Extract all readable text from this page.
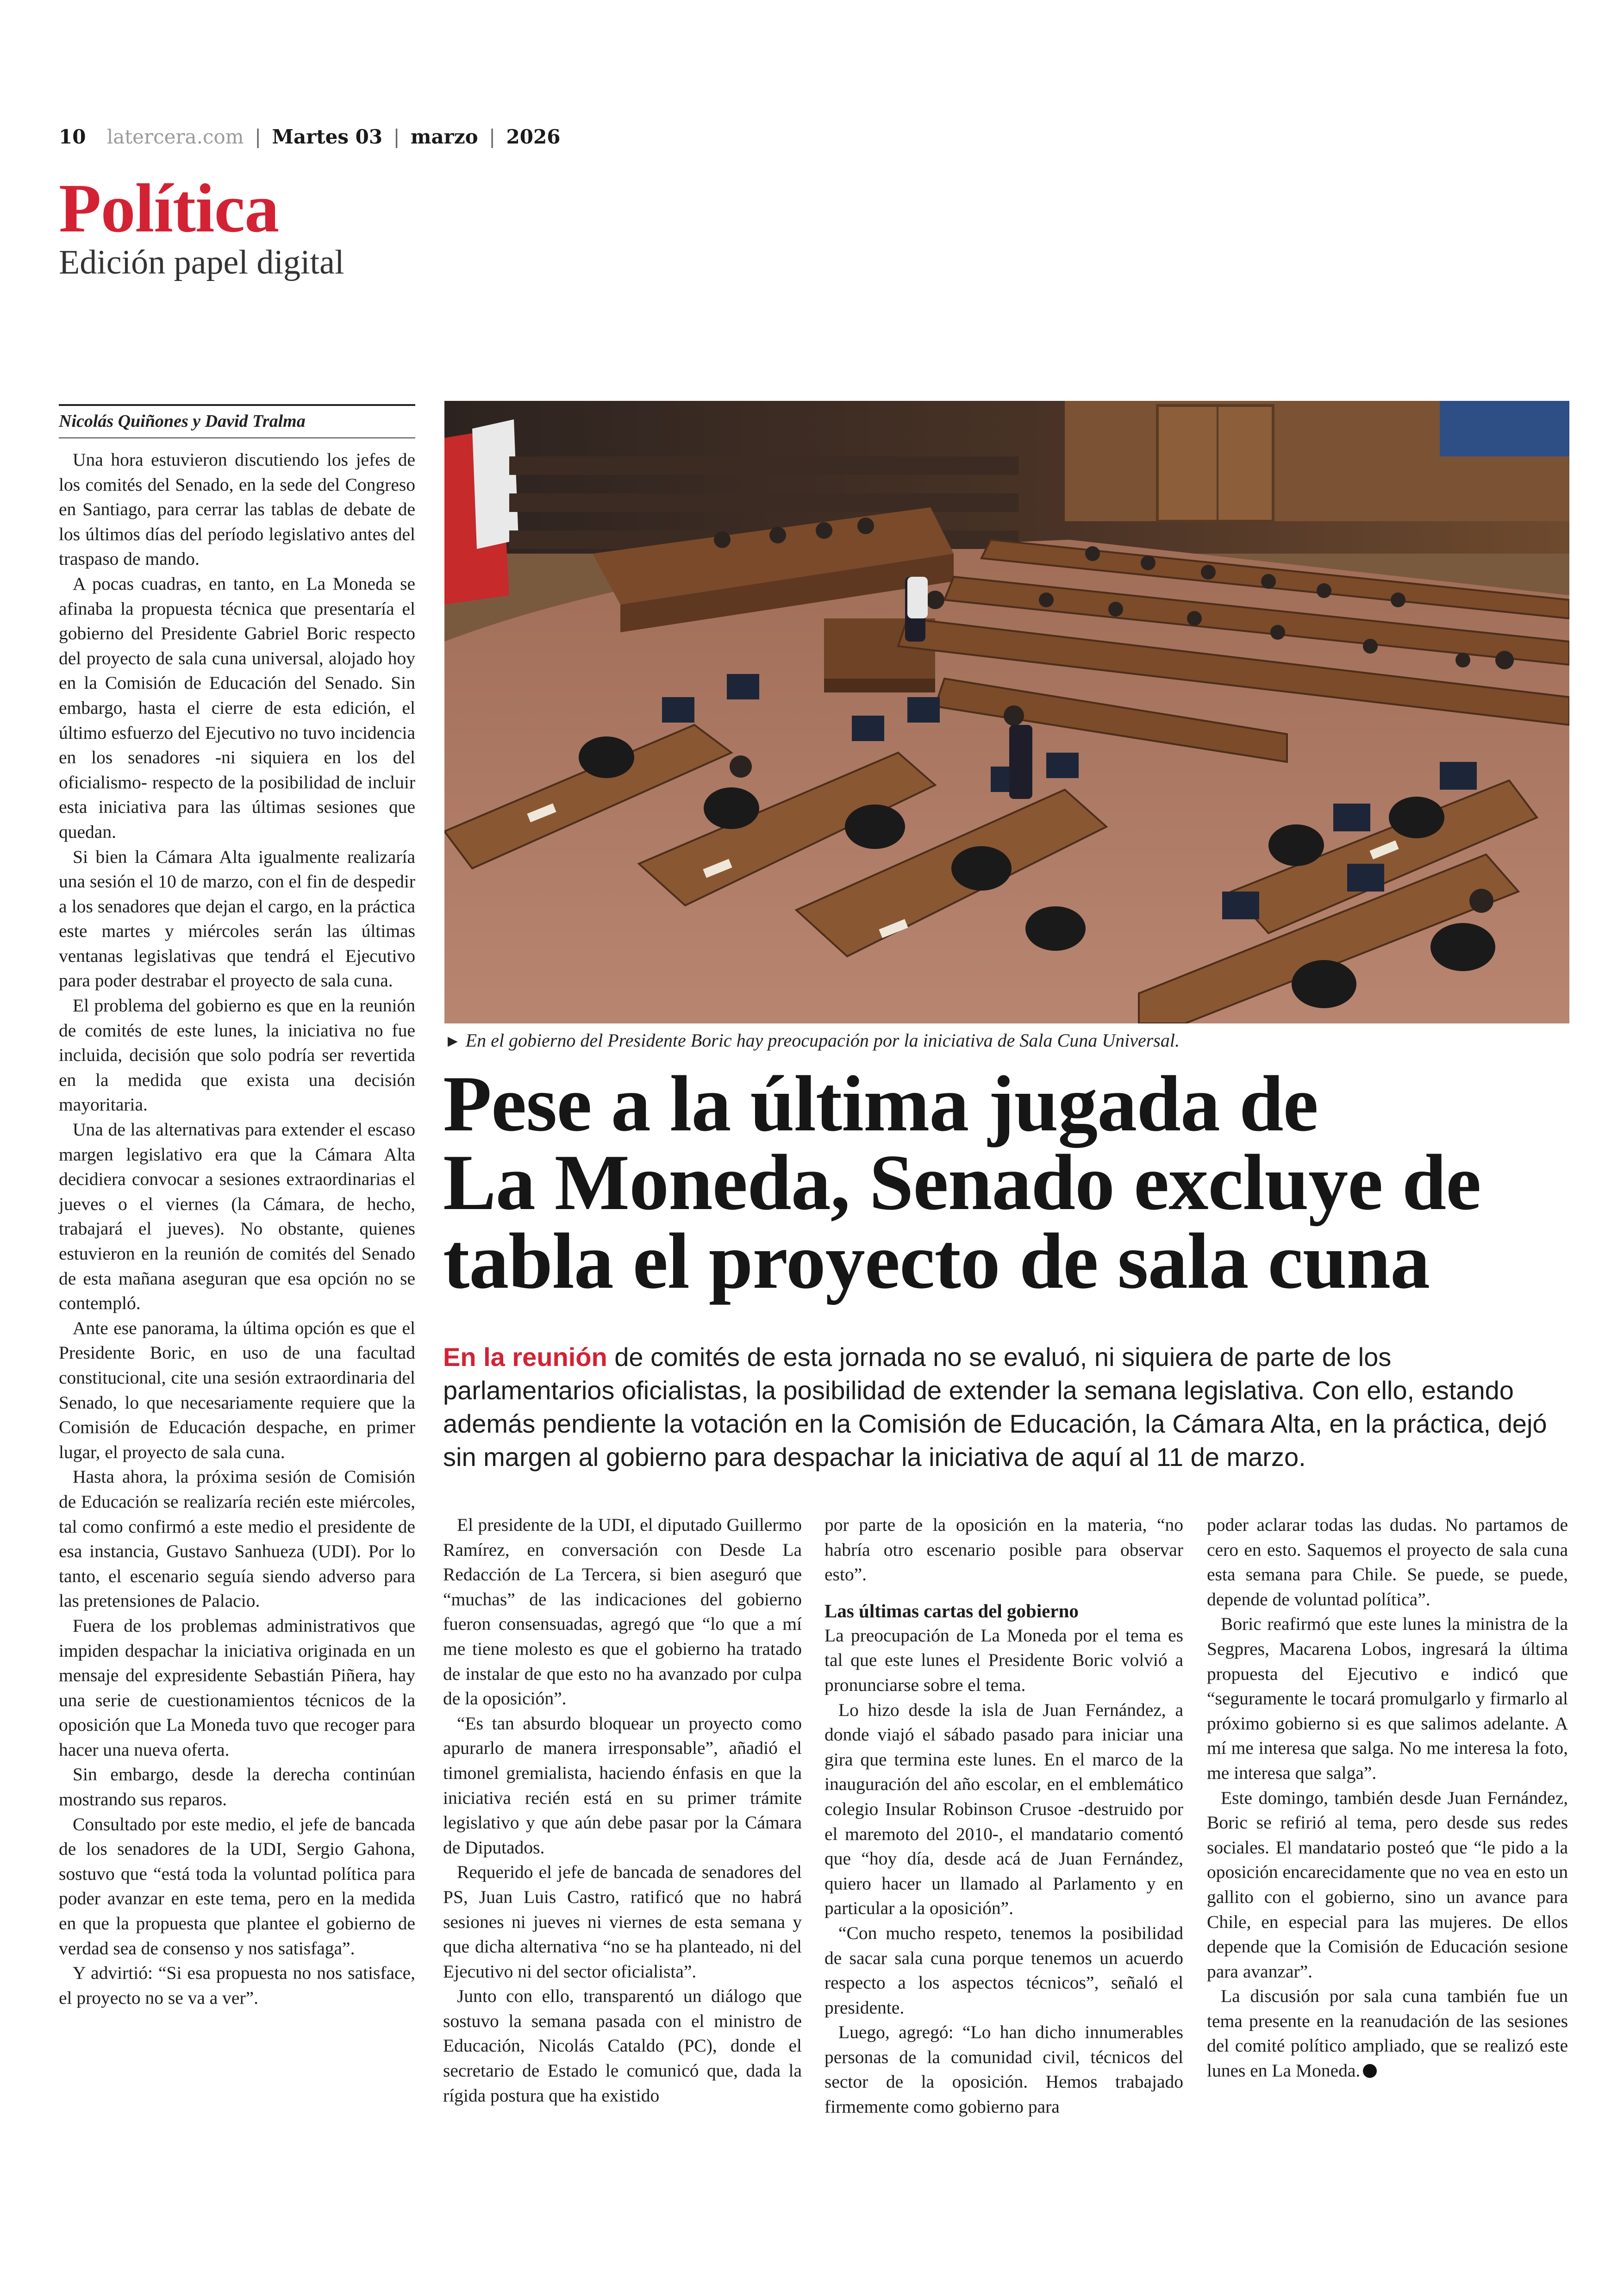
10 latercera.com | Martes 03 | marzo | 2026
Política
Edición papel digital
Nicolás Quiñones y David Tralma

Una hora estuvieron discutiendo los jefes de los comités del Senado, en la sede del Congreso en Santiago, para cerrar las tablas de debate de los últimos días del período legislativo antes del traspaso de mando.

A pocas cuadras, en tanto, en La Moneda se afinaba la propuesta técnica que presentaría el gobierno del Presidente Gabriel Boric respecto del proyecto de sala cuna universal, alojado hoy en la Comisión de Educación del Senado. Sin embargo, hasta el cierre de esta edición, el último esfuerzo del Ejecutivo no tuvo incidencia en los senadores -ni siquiera en los del oficialismo- respecto de la posibilidad de incluir esta iniciativa para las últimas sesiones que quedan.

Si bien la Cámara Alta igualmente realizaría una sesión el 10 de marzo, con el fin de despedir a los senadores que dejan el cargo, en la práctica este martes y miércoles serán las últimas ventanas legislativas que tendrá el Ejecutivo para poder destrabar el proyecto de sala cuna.

El problema del gobierno es que en la reunión de comités de este lunes, la iniciativa no fue incluida, decisión que solo podría ser revertida en la medida que exista una decisión mayoritaria.

Una de las alternativas para extender el escaso margen legislativo era que la Cámara Alta decidiera convocar a sesiones extraordinarias el jueves o el viernes (la Cámara, de hecho, trabajará el jueves). No obstante, quienes estuvieron en la reunión de comités del Senado de esta mañana aseguran que esa opción no se contempló.

Ante ese panorama, la última opción es que el Presidente Boric, en uso de una facultad constitucional, cite una sesión extraordinaria del Senado, lo que necesariamente requiere que la Comisión de Educación despache, en primer lugar, el proyecto de sala cuna.

Hasta ahora, la próxima sesión de Comisión de Educación se realizaría recién este miércoles, tal como confirmó a este medio el presidente de esa instancia, Gustavo Sanhueza (UDI). Por lo tanto, el escenario seguía siendo adverso para las pretensiones de Palacio.

Fuera de los problemas administrativos que impiden despachar la iniciativa originada en un mensaje del expresidente Sebastián Piñera, hay una serie de cuestionamientos técnicos de la oposición que La Moneda tuvo que recoger para hacer una nueva oferta.

Sin embargo, desde la derecha continúan mostrando sus reparos.

Consultado por este medio, el jefe de bancada de los senadores de la UDI, Sergio Gahona, sostuvo que “está toda la voluntad política para poder avanzar en este tema, pero en la medida en que la propuesta que plantee el gobierno de verdad sea de consenso y nos satisfaga”.

Y advirtió: “Si esa propuesta no nos satisface, el proyecto no se va a ver”.

► En el gobierno del Presidente Boric hay preocupación por la iniciativa de Sala Cuna Universal.
Pese a la última jugada de
La Moneda, Senado excluye de
tabla el proyecto de sala cuna

En la reunión de comités de esta jornada no se evaluó, ni siquiera de parte de los parlamentarios oficialistas, la posibilidad de extender la semana legislativa. Con ello, estando además pendiente la votación en la Comisión de Educación, la Cámara Alta, en la práctica, dejó sin margen al gobierno para despachar la iniciativa de aquí al 11 de marzo.

El presidente de la UDI, el diputado Guillermo Ramírez, en conversación con Desde La Redacción de La Tercera, si bien aseguró que “muchas” de las indicaciones del gobierno fueron consensuadas, agregó que “lo que a mí me tiene molesto es que el gobierno ha tratado de instalar de que esto no ha avanzado por culpa de la oposición”.

“Es tan absurdo bloquear un proyecto como apurarlo de manera irresponsable”, añadió el timonel gremialista, haciendo énfasis en que la iniciativa recién está en su primer trámite legislativo y que aún debe pasar por la Cámara de Diputados.

Requerido el jefe de bancada de senadores del PS, Juan Luis Castro, ratificó que no habrá sesiones ni jueves ni viernes de esta semana y que dicha alternativa “no se ha planteado, ni del Ejecutivo ni del sector oficialista”.

Junto con ello, transparentó un diálogo que sostuvo la semana pasada con el ministro de Educación, Nicolás Cataldo (PC), donde el secretario de Estado le comunicó que, dada la rígida postura que ha existido

por parte de la oposición en la materia, “no habría otro escenario posible para observar esto”.

Las últimas cartas del gobierno

La preocupación de La Moneda por el tema es tal que este lunes el Presidente Boric volvió a pronunciarse sobre el tema.

Lo hizo desde la isla de Juan Fernández, a donde viajó el sábado pasado para iniciar una gira que termina este lunes. En el marco de la inauguración del año escolar, en el emblemático colegio Insular Robinson Crusoe -destruido por el maremoto del 2010-, el mandatario comentó que “hoy día, desde acá de Juan Fernández, quiero hacer un llamado al Parlamento y en particular a la oposición”.

“Con mucho respeto, tenemos la posibilidad de sacar sala cuna porque tenemos un acuerdo respecto a los aspectos técnicos”, señaló el presidente.

Luego, agregó: “Lo han dicho innumerables personas de la comunidad civil, técnicos del sector de la oposición. Hemos trabajado firmemente como gobierno para

poder aclarar todas las dudas. No partamos de cero en esto. Saquemos el proyecto de sala cuna esta semana para Chile. Se puede, se puede, depende de voluntad política”.

Boric reafirmó que este lunes la ministra de la Segpres, Macarena Lobos, ingresará la última propuesta del Ejecutivo e indicó que “seguramente le tocará promulgarlo y firmarlo al próximo gobierno si es que salimos adelante. A mí me interesa que salga. No me interesa la foto, me interesa que salga”.

Este domingo, también desde Juan Fernández, Boric se refirió al tema, pero desde sus redes sociales. El mandatario posteó que “le pido a la oposición encarecidamente que no vea en esto un gallito con el gobierno, sino un avance para Chile, en especial para las mujeres. De ellos depende que la Comisión de Educación sesione para avanzar”.

La discusión por sala cuna también fue un tema presente en la reanudación de las sesiones del comité político ampliado, que se realizó este lunes en La Moneda.
